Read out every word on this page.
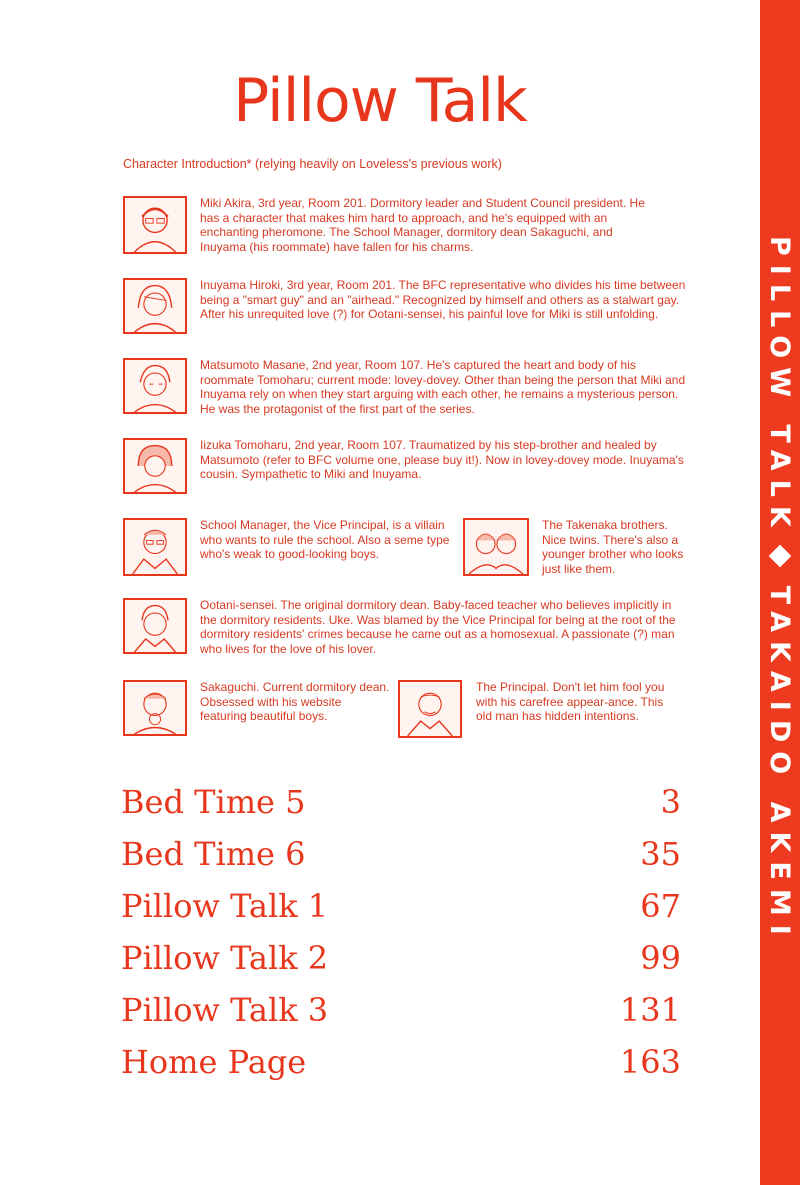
PILLOW TALK
TAKAIDO AKEMI
Pillow Talk
Character Introduction* (relying heavily on Loveless's previous work)
Miki Akira, 3rd year, Room 201. Dormitory leader and Student Council president. He has a character that makes him hard to approach, and he's equipped with an enchanting pheromone. The School Manager, dormitory dean Sakaguchi, and Inuyama (his roommate) have fallen for his charms.
Inuyama Hiroki, 3rd year, Room 201. The BFC representative who divides his time between being a "smart guy" and an "airhead." Recognized by himself and others as a stalwart gay. After his unrequited love (?) for Ootani-sensei, his painful love for Miki is still unfolding.
Matsumoto Masane, 2nd year, Room 107. He's captured the heart and body of his roommate Tomoharu; current mode: lovey-dovey. Other than being the person that Miki and Inuyama rely on when they start arguing with each other, he remains a mysterious person. He was the protagonist of the first part of the series.
Iizuka Tomoharu, 2nd year, Room 107. Traumatized by his step-brother and healed by Matsumoto (refer to BFC volume one, please buy it!). Now in lovey-dovey mode. Inuyama's cousin. Sympathetic to Miki and Inuyama.
School Manager, the Vice Principal, is a villain who wants to rule the school. Also a seme type who's weak to good-looking boys.
The Takenaka brothers. Nice twins. There's also a younger brother who looks just like them.
Ootani-sensei. The original dormitory dean. Baby-faced teacher who believes implicitly in the dormitory residents. Uke. Was blamed by the Vice Principal for being at the root of the dormitory residents' crimes because he came out as a homosexual. A passionate (?) man who lives for the love of his lover.
Sakaguchi. Current dormitory dean. Obsessed with his website featuring beautiful boys.
The Principal. Don't let him fool you with his carefree appear-ance. This old man has hidden intentions.
Bed Time 5	3
Bed Time 6	35
Pillow Talk 1	67
Pillow Talk 2	99
Pillow Talk 3	131
Home Page	163
